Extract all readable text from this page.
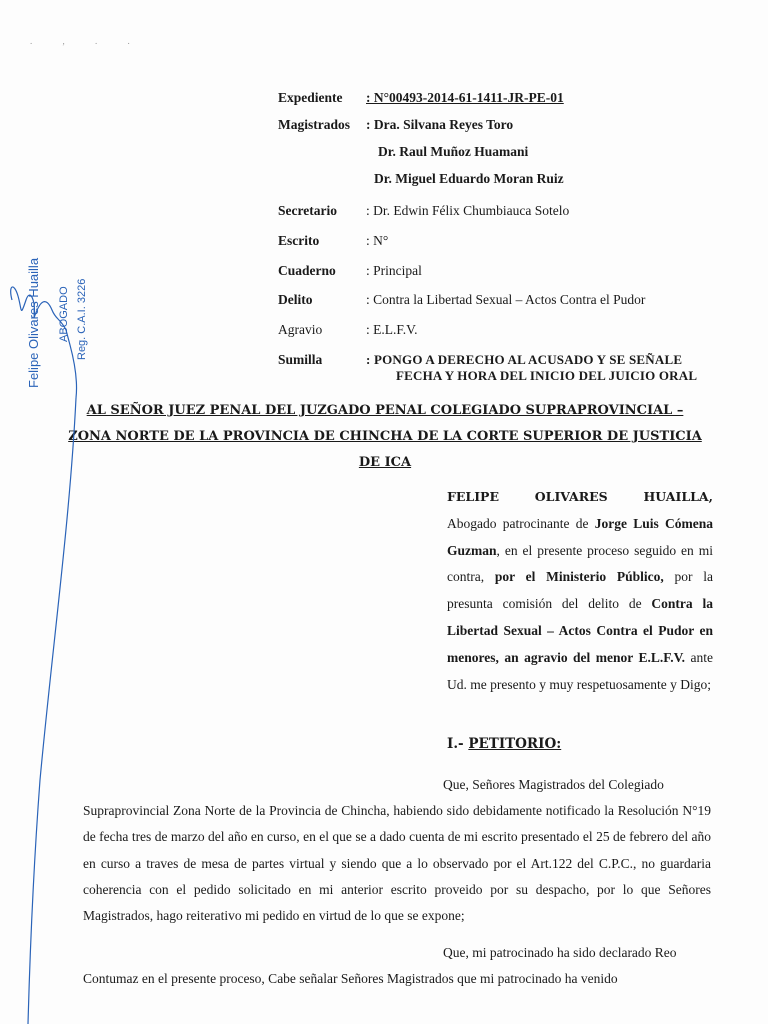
. , . .
Expediente : N°00493-2014-61-1411-JR-PE-01
Magistrados : Dra. Silvana Reyes Toro
Dr. Raul Muñoz Huamani
Dr. Miguel Eduardo Moran Ruiz
Secretario : Dr. Edwin Félix Chumbiauca Sotelo
Escrito	: N°
Cuaderno : Principal
Delito	: Contra la Libertad Sexual – Actos Contra el Pudor
Agravio	: E.L.F.V.
Sumilla	: PONGO A DERECHO AL ACUSADO Y SE SEÑALE
FECHA Y HORA DEL INICIO DEL JUICIO ORAL
AL SEÑOR JUEZ PENAL DEL JUZGADO PENAL COLEGIADO SUPRAPROVINCIAL –
ZONA NORTE DE LA PROVINCIA DE CHINCHA DE LA CORTE SUPERIOR DE JUSTICIA
DE ICA
FELIPE	OLIVARES	HUAILLA,
Abogado patrocinante de Jorge Luis Cómena Guzman, en el presente proceso seguido en mi contra, por el Ministerio Público, por la presunta comisión del delito de Contra la Libertad Sexual – Actos Contra el Pudor en menores, an agravio del menor E.L.F.V. ante Ud. me presento y muy respetuosamente y Digo;
I.- PETITORIO:
Que, Señores Magistrados del Colegiado
Supraprovincial Zona Norte de la Provincia de Chincha, habiendo sido debidamente notificado la Resolución N°19 de fecha tres de marzo del año en curso, en el que se a dado cuenta de mi escrito presentado el 25 de febrero del año en curso a traves de mesa de partes virtual y siendo que a lo observado por el Art.122 del C.P.C., no guardaria coherencia con el pedido solicitado en mi anterior escrito proveido por su despacho, por lo que Señores Magistrados, hago reiterativo mi pedido en virtud de lo que se expone;
Que, mi patrocinado ha sido declarado Reo
Contumaz en el presente proceso, Cabe señalar Señores Magistrados que mi patrocinado ha venido
Felipe Olivares Huailla ABOGADO Reg. C.A.I. 3226
